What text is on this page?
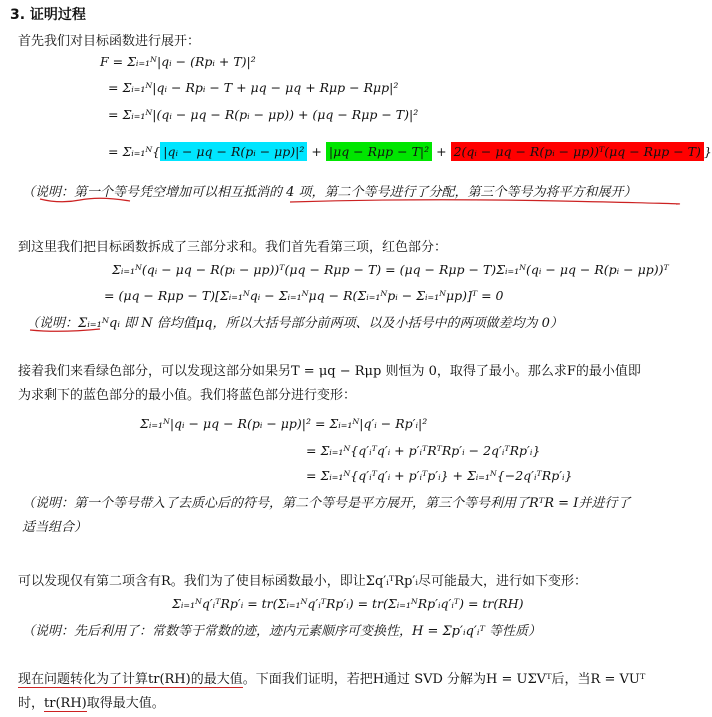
3. 证明过程
首先我们对目标函数进行展开：
F = Σᵢ₌₁ᴺ|qᵢ − (Rpᵢ + T)|²
= Σᵢ₌₁ᴺ|qᵢ − Rpᵢ − T + μq − μq + Rμp − Rμp|²
= Σᵢ₌₁ᴺ|(qᵢ − μq − R(pᵢ − μp)) + (μq − Rμp − T)|²
= Σᵢ₌₁ᴺ{ |qᵢ − μq − R(pᵢ − μp)|² + |μq − Rμp − T|² + 2(qᵢ − μq − R(pᵢ − μp))ᵀ(μq − Rμp − T) }
（说明：第一个等号凭空增加可以相互抵消的 4 项，第二个等号进行了分配，第三个等号为将平方和展开）
到这里我们把目标函数拆成了三部分求和。我们首先看第三项，红色部分：
Σᵢ₌₁ᴺ(qᵢ − μq − R(pᵢ − μp))ᵀ(μq − Rμp − T) = (μq − Rμp − T)Σᵢ₌₁ᴺ(qᵢ − μq − R(pᵢ − μp))ᵀ
= (μq − Rμp − T)[Σᵢ₌₁ᴺqᵢ − Σᵢ₌₁ᴺμq − R(Σᵢ₌₁ᴺpᵢ − Σᵢ₌₁ᴺμp)]ᵀ = 0
（说明：Σᵢ₌₁ᴺqᵢ 即 N 倍均值μq，所以大括号部分前两项、以及小括号中的两项做差均为 0）
接着我们来看绿色部分，可以发现这部分如果另T = μq − Rμp 则恒为 0，取得了最小。那么求F的最小值即
为求剩下的蓝色部分的最小值。我们将蓝色部分进行变形：
Σᵢ₌₁ᴺ|qᵢ − μq − R(pᵢ − μp)|² = Σᵢ₌₁ᴺ|q′ᵢ − Rp′ᵢ|²
= Σᵢ₌₁ᴺ{q′ᵢᵀq′ᵢ + p′ᵢᵀRᵀRp′ᵢ − 2q′ᵢᵀRp′ᵢ}
= Σᵢ₌₁ᴺ{q′ᵢᵀq′ᵢ + p′ᵢᵀp′ᵢ} + Σᵢ₌₁ᴺ{−2q′ᵢᵀRp′ᵢ}
（说明：第一个等号带入了去质心后的符号，第二个等号是平方展开，第三个等号利用了RᵀR = I并进行了
适当组合）
可以发现仅有第二项含有R。我们为了使目标函数最小，即让Σq′ᵢᵀRp′ᵢ尽可能最大，进行如下变形：
Σᵢ₌₁ᴺq′ᵢᵀRp′ᵢ = tr(Σᵢ₌₁ᴺq′ᵢᵀRp′ᵢ) = tr(Σᵢ₌₁ᴺRp′ᵢq′ᵢᵀ) = tr(RH)
（说明：先后利用了：常数等于常数的迹，迹内元素顺序可变换性，H = Σp′ᵢq′ᵢᵀ 等性质）
现在问题转化为了计算tr(RH)的最大值。下面我们证明，若把H通过 SVD 分解为H = UΣVᵀ后，当R = VUᵀ
时，tr(RH)取得最大值。
